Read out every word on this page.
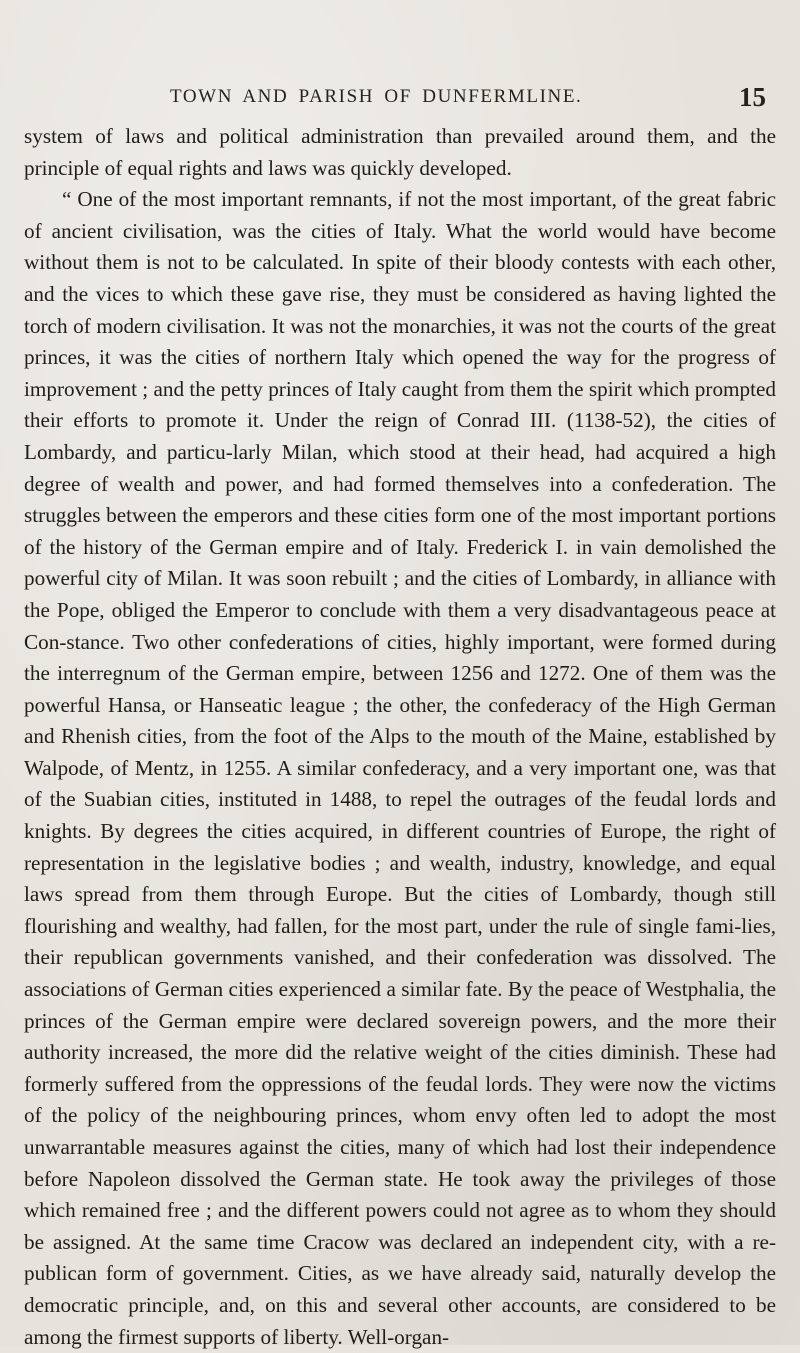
TOWN AND PARISH OF DUNFERMLINE.	15

system of laws and political administration than prevailed around them, and the principle of equal rights and laws was quickly developed.

“ One of the most important remnants, if not the most important, of the great fabric of ancient civilisation, was the cities of Italy. What the world would have become without them is not to be calculated. In spite of their bloody contests with each other, and the vices to which these gave rise, they must be considered as having lighted the torch of modern civilisation. It was not the monarchies, it was not the courts of the great princes, it was the cities of northern Italy which opened the way for the progress of improvement ; and the petty princes of Italy caught from them the spirit which prompted their efforts to promote it. Under the reign of Conrad III. (1138-52), the cities of Lombardy, and particu-larly Milan, which stood at their head, had acquired a high degree of wealth and power, and had formed themselves into a confederation. The struggles between the emperors and these cities form one of the most important portions of the history of the German empire and of Italy. Frederick I. in vain demolished the powerful city of Milan. It was soon rebuilt ; and the cities of Lombardy, in alliance with the Pope, obliged the Emperor to conclude with them a very disadvantageous peace at Con-stance. Two other confederations of cities, highly important, were formed during the interregnum of the German empire, between 1256 and 1272. One of them was the powerful Hansa, or Hanseatic league ; the other, the confederacy of the High German and Rhenish cities, from the foot of the Alps to the mouth of the Maine, established by Walpode, of Mentz, in 1255. A similar confederacy, and a very important one, was that of the Suabian cities, instituted in 1488, to repel the outrages of the feudal lords and knights. By degrees the cities acquired, in different countries of Europe, the right of representation in the legislative bodies ; and wealth, industry, knowledge, and equal laws spread from them through Europe. But the cities of Lombardy, though still flourishing and wealthy, had fallen, for the most part, under the rule of single fami-lies, their republican governments vanished, and their confederation was dissolved. The associations of German cities experienced a similar fate. By the peace of Westphalia, the princes of the German empire were declared sovereign powers, and the more their authority increased, the more did the relative weight of the cities diminish. These had formerly suffered from the oppressions of the feudal lords. They were now the victims of the policy of the neighbouring princes, whom envy often led to adopt the most unwarrantable measures against the cities, many of which had lost their independence before Napoleon dissolved the German state. He took away the privileges of those which remained free ; and the different powers could not agree as to whom they should be assigned. At the same time Cracow was declared an independent city, with a re-publican form of government. Cities, as we have already said, naturally develop the democratic principle, and, on this and several other accounts, are considered to be among the firmest supports of liberty. Well-organ-
